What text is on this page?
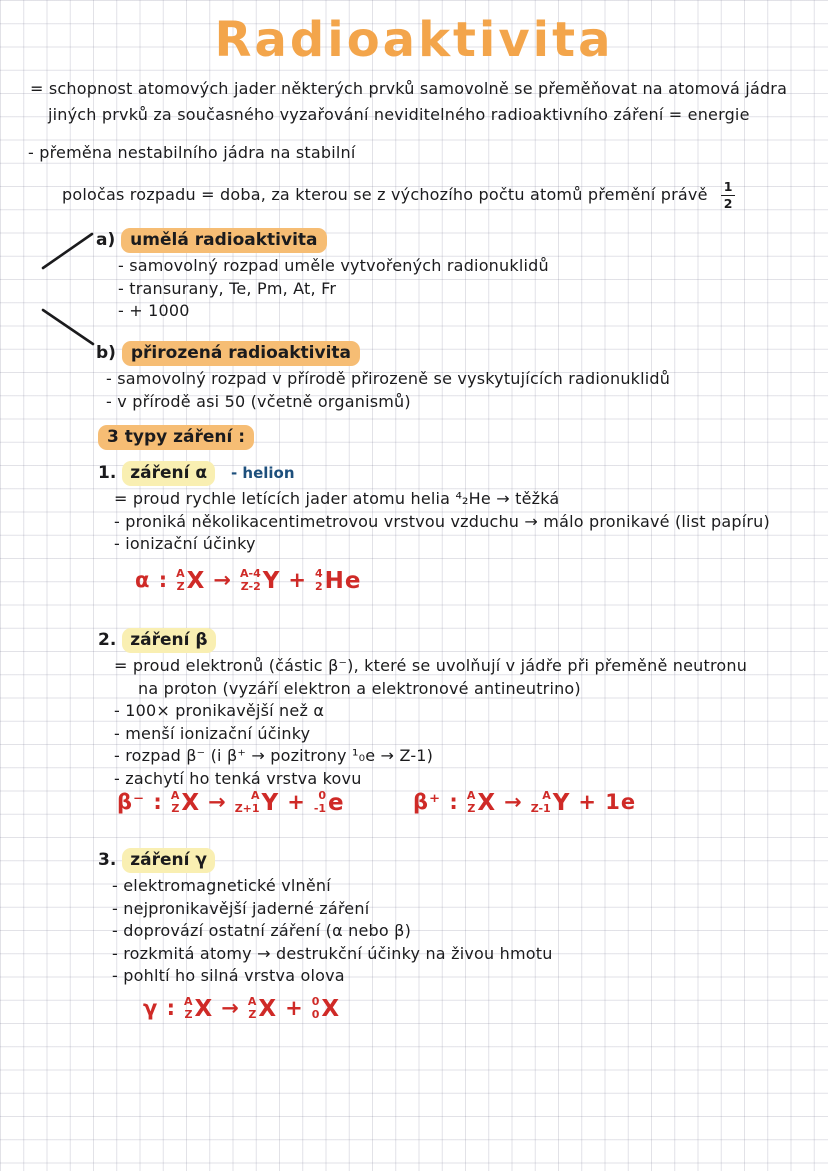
Radioaktivita
= schopnost atomových jader některých prvků samovolně se přeměňovat na atomová jádra
jiných prvků za současného vyzařování neviditelného radioaktivního záření = energie
- přeměna nestabilního jádra na stabilní
poločas rozpadu = doba, za kterou se z výchozího počtu atomů přemění právě $\frac{1}{2}$
a) umělá radioaktivita
- samovolný rozpad uměle vytvořených radionuklidů
- transurany, Te, Pm, At, Fr
- + 1000
b) přirozená radioaktivita
- samovolný rozpad v přírodě přirozeně se vyskytujících radionuklidů
- v přírodě asi 50 (včetně organismů)
3 typy záření :
1. záření α - helion
= proud rychle letících jader atomu helia ⁴₂He → těžká
- proniká několikacentimetrovou vrstvou vzduchu → málo pronikavé (list papíru)
- ionizační účinky
α : A
Z X → A-4
Z-2 Y + 4
2 He
2. záření β
= proud elektronů (částic β⁻), které se uvolňují v jádře při přeměně neutronu
na proton (vyzáří elektron a elektronové antineutrino)
- 100× pronikavější než α
- menší ionizační účinky
- rozpad β⁻ (i β⁺ → pozitrony ¹₀e → Z-1)
- zachytí ho tenká vrstva kovu
β⁻ : A
Z X → A
Z+1 Y + 0
-1 e	β⁺ : A
Z X → A
Z-1 Y + 1e
3. záření γ
- elektromagnetické vlnění
- nejpronikavější jaderné záření
- doprovází ostatní záření (α nebo β)
- rozkmitá atomy → destrukční účinky na živou hmotu
- pohltí ho silná vrstva olova
γ : A
Z X → A
Z X + 0
0 X
